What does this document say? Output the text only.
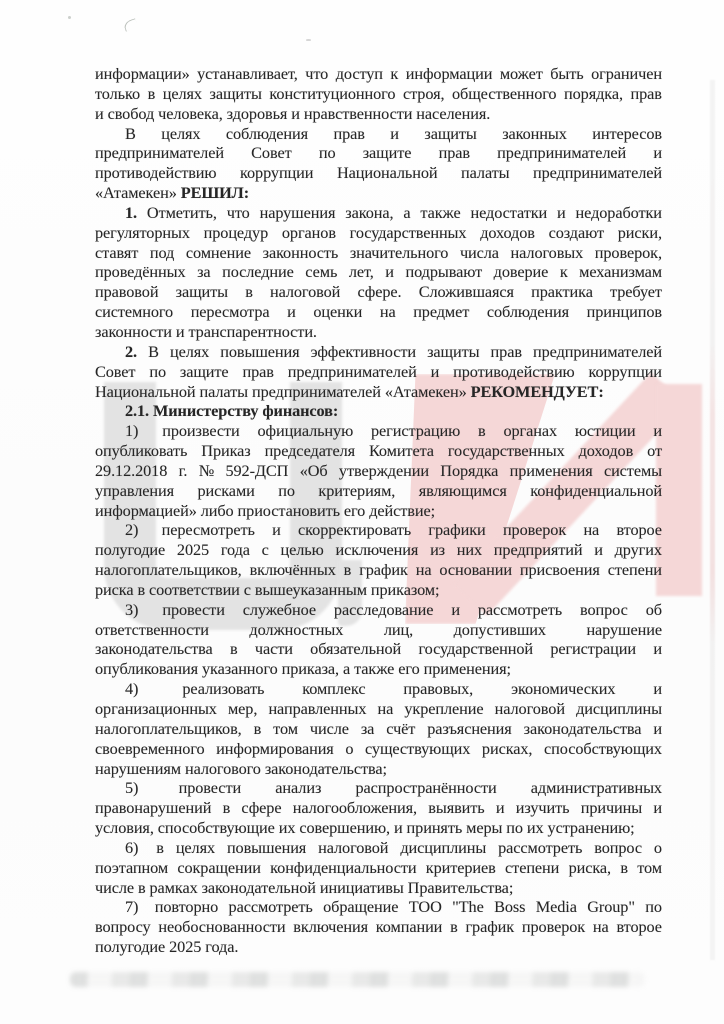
информации» устанавливает, что доступ к информации может быть ограничен
только в целях защиты конституционного строя, общественного порядка, прав
и свобод человека, здоровья и нравственности населения.
В целях соблюдения прав и защиты законных интересов
предпринимателей Совет по защите прав предпринимателей и
противодействию коррупции Национальной палаты предпринимателей
«Атамекен» РЕШИЛ:
1. Отметить, что нарушения закона, а также недостатки и недоработки
регуляторных процедур органов государственных доходов создают риски,
ставят под сомнение законность значительного числа налоговых проверок,
проведённых за последние семь лет, и подрывают доверие к механизмам
правовой защиты в налоговой сфере. Сложившаяся практика требует
системного пересмотра и оценки на предмет соблюдения принципов
законности и транспарентности.
2. В целях повышения эффективности защиты прав предпринимателей
Совет по защите прав предпринимателей и противодействию коррупции
Национальной палаты предпринимателей «Атамекен» РЕКОМЕНДУЕТ:
2.1. Министерству финансов:
1) произвести официальную регистрацию в органах юстиции и
опубликовать Приказ председателя Комитета государственных доходов от
29.12.2018 г. № 592-ДСП «Об утверждении Порядка применения системы
управления рисками по критериям, являющимся конфиденциальной
информацией» либо приостановить его действие;
2) пересмотреть и скорректировать графики проверок на второе
полугодие 2025 года с целью исключения из них предприятий и других
налогоплательщиков, включённых в график на основании присвоения степени
риска в соответствии с вышеуказанным приказом;
3) провести служебное расследование и рассмотреть вопрос об
ответственности должностных лиц, допустивших нарушение
законодательства в части обязательной государственной регистрации и
опубликования указанного приказа, а также его применения;
4)	реализовать комплекс правовых, экономических и
организационных мер, направленных на укрепление налоговой дисциплины
налогоплательщиков, в том числе за счёт разъяснения законодательства и
своевременного информирования о существующих рисках, способствующих
нарушениям налогового законодательства;
5) провести анализ распространённости административных
правонарушений в сфере налогообложения, выявить и изучить причины и
условия, способствующие их совершению, и принять меры по их устранению;
6) в целях повышения налоговой дисциплины рассмотреть вопрос о
поэтапном сокращении конфиденциальности критериев степени риска, в том
числе в рамках законодательной инициативы Правительства;
7) повторно рассмотреть обращение ТОО "The Boss Media Group" по
вопросу необоснованности включения компании в график проверок на второе
полугодие 2025 года.
